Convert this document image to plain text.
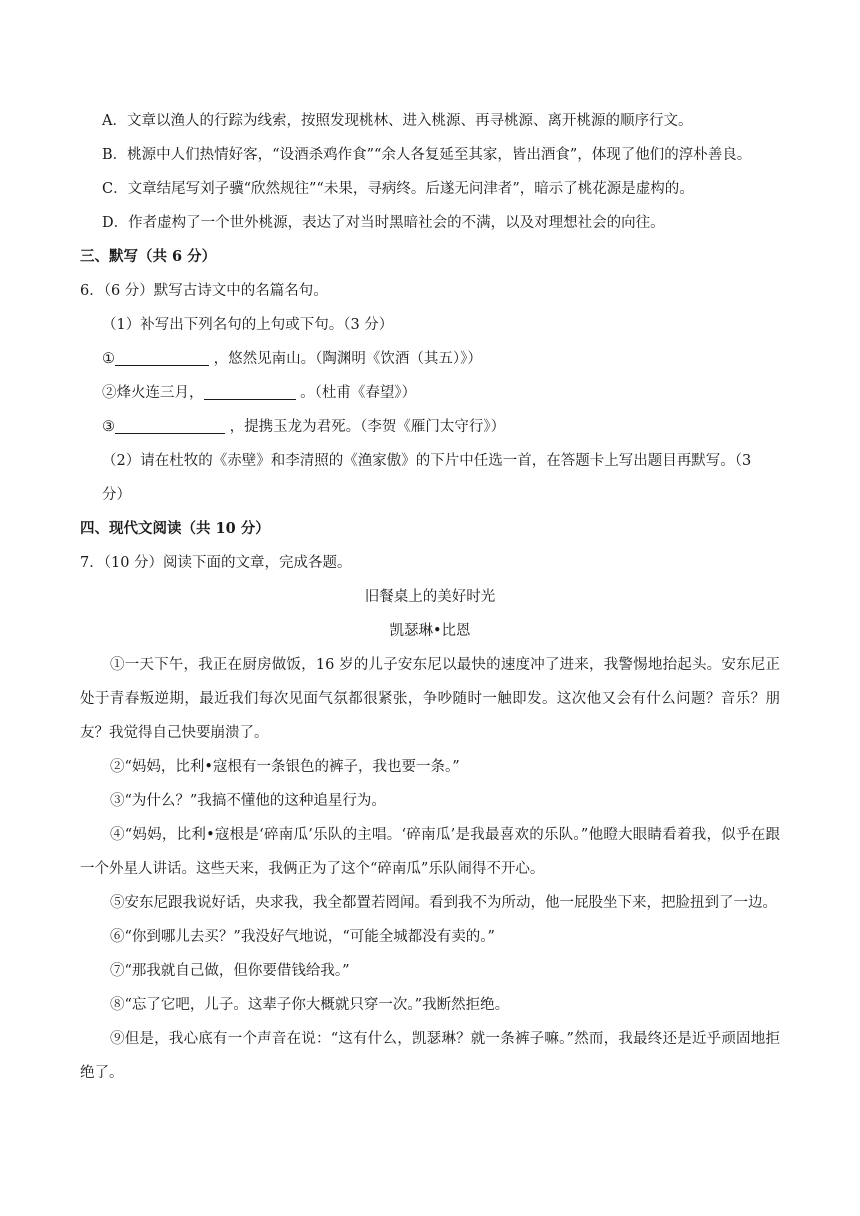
A．文章以渔人的行踪为线索，按照发现桃林、进入桃源、再寻桃源、离开桃源的顺序行文。
B．桃源中人们热情好客，“设酒杀鸡作食”“余人各复延至其家，皆出酒食”，体现了他们的淳朴善良。
C．文章结尾写刘子骥“欣然规往”“未果，寻病终。后遂无问津者”，暗示了桃花源是虚构的。
D．作者虚构了一个世外桃源，表达了对当时黑暗社会的不满，以及对理想社会的向往。
三、默写（共 6 分）
6．（6 分）默写古诗文中的名篇名句。
（1）补写出下列名句的上句或下句。（3 分）
①	，悠然见南山。（陶渊明《饮酒（其五）》）
②烽火连三月，	。（杜甫《春望》）
③	，提携玉龙为君死。（李贺《雁门太守行》）
（2）请在杜牧的《赤壁》和李清照的《渔家傲》的下片中任选一首，在答题卡上写出题目再默写。（3
分）
四、现代文阅读（共 10 分）
7．（10 分）阅读下面的文章，完成各题。
旧餐桌上的美好时光
凯瑟琳•比恩
①一天下午，我正在厨房做饭，16 岁的儿子安东尼以最快的速度冲了进来，我警惕地抬起头。安东尼正处于青春叛逆期，最近我们每次见面气氛都很紧张，争吵随时一触即发。这次他又会有什么问题？音乐？朋友？我觉得自己快要崩溃了。
②“妈妈，比利•寇根有一条银色的裤子，我也要一条。”
③“为什么？”我搞不懂他的这种追星行为。
④“妈妈，比利•寇根是‘碎南瓜’乐队的主唱。‘碎南瓜’是我最喜欢的乐队。”他瞪大眼睛看着我，似乎在跟一个外星人讲话。这些天来，我俩正为了这个“碎南瓜”乐队闹得不开心。
⑤安东尼跟我说好话，央求我，我全都置若罔闻。看到我不为所动，他一屁股坐下来，把脸扭到了一边。
⑥“你到哪儿去买？”我没好气地说，“可能全城都没有卖的。”
⑦“那我就自己做，但你要借钱给我。”
⑧“忘了它吧，儿子。这辈子你大概就只穿一次。”我断然拒绝。
⑨但是，我心底有一个声音在说：“这有什么，凯瑟琳？就一条裤子嘛。”然而，我最终还是近乎顽固地拒绝了。
